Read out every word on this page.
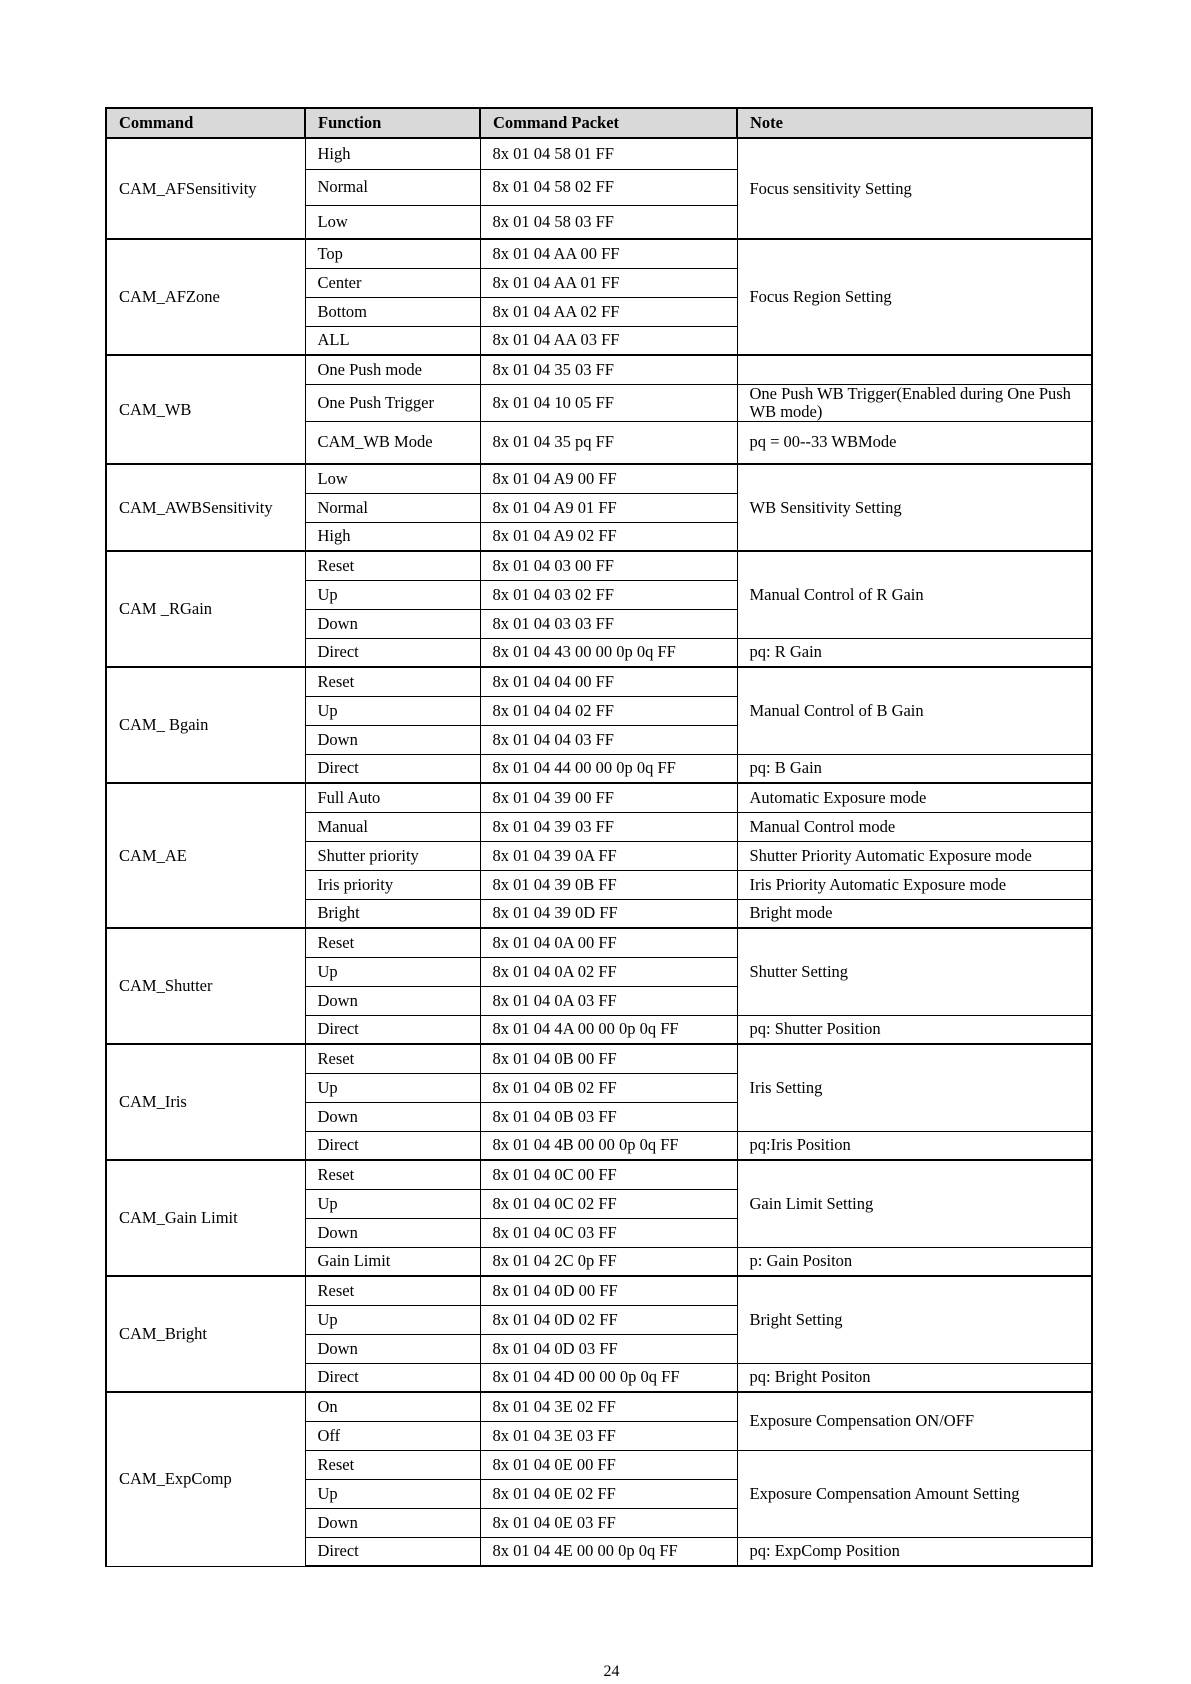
Command	Function	Command Packet	Note
CAM_AFSensitivity	High	8x 01 04 58 01 FF	Focus sensitivity Setting
	Normal	8x 01 04 58 02 FF	
	Low	8x 01 04 58 03 FF	
CAM_AFZone	Top	8x 01 04 AA 00 FF	Focus Region Setting
	Center	8x 01 04 AA 01 FF	
	Bottom	8x 01 04 AA 02 FF	
	ALL	8x 01 04 AA 03 FF	
CAM_WB	One Push mode	8x 01 04 35 03 FF	
	One Push Trigger	8x 01 04 10 05 FF	One Push WB Trigger(Enabled during One Push WB mode)
	CAM_WB Mode	8x 01 04 35 pq FF	pq = 00--33 WBMode
CAM_AWBSensitivity	Low	8x 01 04 A9 00 FF	WB Sensitivity Setting
	Normal	8x 01 04 A9 01 FF	
	High	8x 01 04 A9 02 FF	
CAM _RGain	Reset	8x 01 04 03 00 FF	Manual Control of R Gain
	Up	8x 01 04 03 02 FF	
	Down	8x 01 04 03 03 FF	
	Direct	8x 01 04 43 00 00 0p 0q FF	pq: R Gain
CAM_ Bgain	Reset	8x 01 04 04 00 FF	Manual Control of B Gain
	Up	8x 01 04 04 02 FF	
	Down	8x 01 04 04 03 FF	
	Direct	8x 01 04 44 00 00 0p 0q FF	pq: B Gain
CAM_AE	Full Auto	8x 01 04 39 00 FF	Automatic Exposure mode
	Manual	8x 01 04 39 03 FF	Manual Control mode
	Shutter priority	8x 01 04 39 0A FF	Shutter Priority Automatic Exposure mode
	Iris priority	8x 01 04 39 0B FF	Iris Priority Automatic Exposure mode
	Bright	8x 01 04 39 0D FF	Bright mode
CAM_Shutter	Reset	8x 01 04 0A 00 FF	Shutter Setting
	Up	8x 01 04 0A 02 FF	
	Down	8x 01 04 0A 03 FF	
	Direct	8x 01 04 4A 00 00 0p 0q FF	pq: Shutter Position
CAM_Iris	Reset	8x 01 04 0B 00 FF	Iris Setting
	Up	8x 01 04 0B 02 FF	
	Down	8x 01 04 0B 03 FF	
	Direct	8x 01 04 4B 00 00 0p 0q FF	pq:Iris Position
CAM_Gain Limit	Reset	8x 01 04 0C 00 FF	Gain Limit Setting
	Up	8x 01 04 0C 02 FF	
	Down	8x 01 04 0C 03 FF	
	Gain Limit	8x 01 04 2C 0p FF	p: Gain Positon
CAM_Bright	Reset	8x 01 04 0D 00 FF	Bright Setting
	Up	8x 01 04 0D 02 FF	
	Down	8x 01 04 0D 03 FF	
	Direct	8x 01 04 4D 00 00 0p 0q FF	pq: Bright Positon
CAM_ExpComp	On	8x 01 04 3E 02 FF	Exposure Compensation ON/OFF
	Off	8x 01 04 3E 03 FF	
	Reset	8x 01 04 0E 00 FF	Exposure Compensation Amount Setting
	Up	8x 01 04 0E 02 FF	
	Down	8x 01 04 0E 03 FF	
	Direct	8x 01 04 4E 00 00 0p 0q FF	pq: ExpComp Position
24
